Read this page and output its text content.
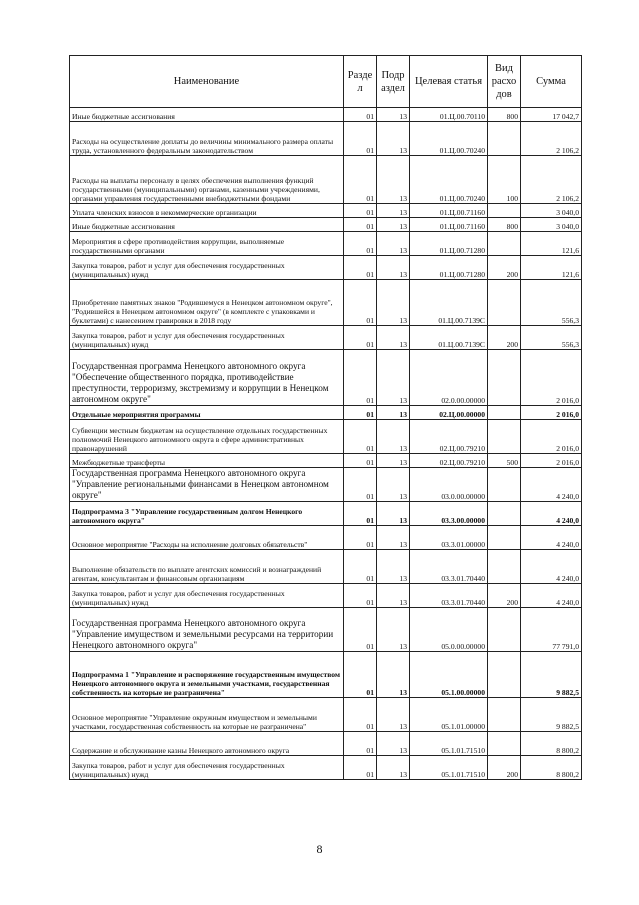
Наименование	Разде л	Подр аздел	Целевая статья	Вид расхо дов	Сумма
Иные бюджетные ассигнования	01	13	01.Ц.00.70110	800	17 042,7
Расходы на осуществление доплаты до величины минимального размера оплаты труда, установленного федеральным законодательством	01	13	01.Ц.00.70240		2 106,2
Расходы на выплаты персоналу в целях обеспечения выполнения функций государственными (муниципальными) органами, казенными учреждениями, органами управления государственными внебюджетными фондами	01	13	01.Ц.00.70240	100	2 106,2
Уплата членских взносов в некоммерческие организации	01	13	01.Ц.00.71160		3 040,0
Иные бюджетные ассигнования	01	13	01.Ц.00.71160	800	3 040,0
Мероприятия в сфере противодействия коррупции, выполняемые государственными органами	01	13	01.Ц.00.71280		121,6
Закупка товаров, работ и услуг для обеспечения государственных (муниципальных) нужд	01	13	01.Ц.00.71280	200	121,6
Приобретение памятных знаков "Родившемуся в Ненецком автономном округе", "Родившейся в Ненецком автономном округе" (в комплекте с упаковками и буклетами) с нанесением гравировки в 2018 году	01	13	01.Ц.00.7139С		556,3
Закупка товаров, работ и услуг для обеспечения государственных (муниципальных) нужд	01	13	01.Ц.00.7139С	200	556,3
Государственная программа Ненецкого автономного округа "Обеспечение общественного порядка, противодействие преступности, терроризму, экстремизму и коррупции в Ненецком автономном округе"	01	13	02.0.00.00000		2 016,0
Отдельные мероприятия программы	01	13	02.Ц.00.00000		2 016,0
Субвенции местным бюджетам на осуществление отдельных государственных полномочий Ненецкого автономного округа в сфере административных правонарушений	01	13	02.Ц.00.79210		2 016,0
Межбюджетные трансферты	01	13	02.Ц.00.79210	500	2 016,0
Государственная программа Ненецкого автономного округа "Управление региональными финансами в Ненецком автономном округе"	01	13	03.0.00.00000		4 240,0
Подпрограмма 3 "Управление государственным долгом Ненецкого автономного округа"	01	13	03.3.00.00000		4 240,0
Основное мероприятие "Расходы на исполнение долговых обязательств"	01	13	03.3.01.00000		4 240,0
Выполнение обязательств по выплате агентских комиссий и вознаграждений агентам, консультантам и финансовым организациям	01	13	03.3.01.70440		4 240,0
Закупка товаров, работ и услуг для обеспечения государственных (муниципальных) нужд	01	13	03.3.01.70440	200	4 240,0
Государственная программа Ненецкого автономного округа "Управление имуществом и земельными ресурсами на территории Ненецкого автономного округа"	01	13	05.0.00.00000		77 791,0
Подпрограмма 1 "Управление и распоряжение государственным имуществом Ненецкого автономного округа и земельными участками, государственная собственность на которые не разграничена"	01	13	05.1.00.00000		9 882,5
Основное мероприятие "Управление окружным имуществом и земельными участками, государственная собственность на которые не разграничена"	01	13	05.1.01.00000		9 882,5
Содержание и обслуживание казны Ненецкого автономного округа	01	13	05.1.01.71510		8 800,2
Закупка товаров, работ и услуг для обеспечения государственных (муниципальных) нужд	01	13	05.1.01.71510	200	8 800,2
8
